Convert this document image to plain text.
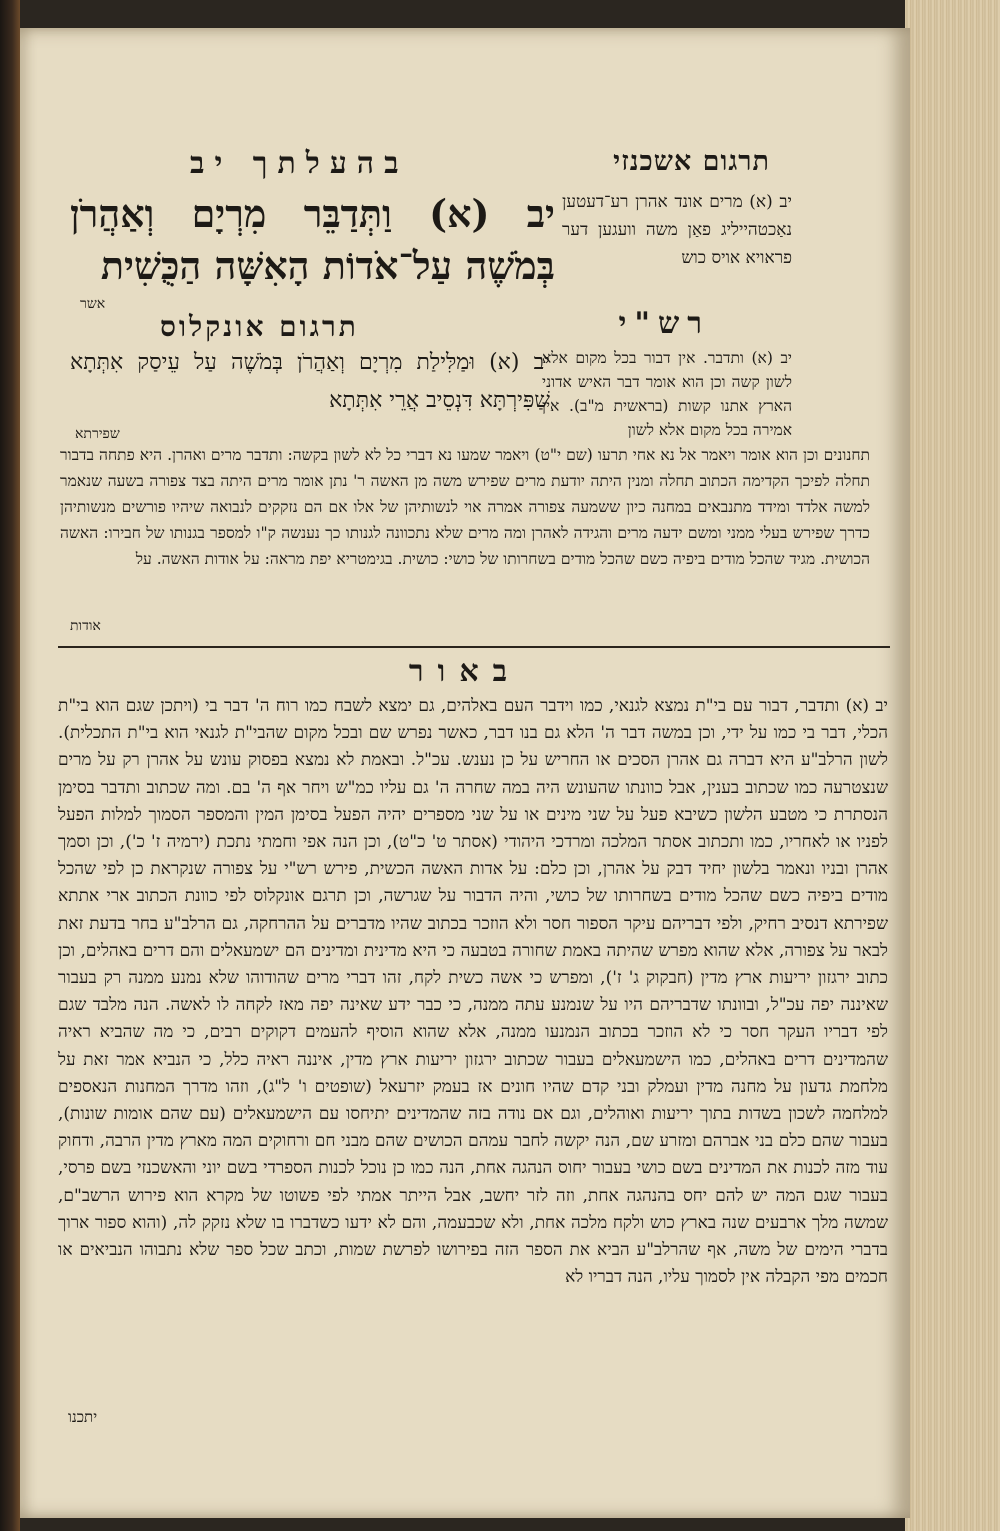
תרגום אשכנזי
בהעלתך יב
יב (א) מרים אונד אהרן רע־דעטען נאַכטהייליג פאַן משה וועגען דער פראויא אויס כוש
יב (א) וַתְּדַבֵּר מִרְיָם וְאַהֲרֹן בְּמֹשֶׁה עַל־אֹדוֹת הָאִשָּׁה הַכֻּשִׁית
אשר
רש"י
תרגום אונקלוס
יב (א) וּמַלִּילַת מִרְיָם וְאַהֲרֹן בְּמֹשֶׁה עַל עֵיסַק אִתְּתָא שַׁפִּירְתָּא דִּנְסֵיב אֲרֵי אִתְּתָא
שפירתא
יב (א) ותדבר. אין דבור בכל מקום אלא לשון קשה וכן הוא אומר דבר האיש אדוני הארץ אתנו קשות (בראשית מ"ב). אין אמירה בכל מקום אלא לשון
תחנונים וכן הוא אומר ויאמר אל נא אחי תרעו (שם י"ט) ויאמר שמעו נא דברי כל לא לשון בקשה: ותדבר מרים ואהרן. היא פתחה בדבור תחלה לפיכך הקדימה הכתוב תחלה ומנין היתה יודעת מרים שפירש משה מן האשה ר' נתן אומר מרים היתה בצד צפורה בשעה שנאמר למשה אלדד ומידד מתנבאים במחנה כיון ששמעה צפורה אמרה אוי לנשותיהן של אלו אם הם נזקקים לנבואה שיהיו פורשים מנשותיהן כדרך שפירש בעלי ממני ומשם ידעה מרים והגידה לאהרן ומה מרים שלא נתכוונה לגנותו כך נענשה ק"ו למספר בגנותו של חבירו: האשה הכושית. מגיד שהכל מודים ביפיה כשם שהכל מודים בשחרותו של כושי: כושית. בגימטריא יפת מראה: על אודות האשה. על
אודות
באור
יב (א) ותדבר, דבור עם בי"ת נמצא לגנאי, כמו וידבר העם באלהים, גם ימצא לשבח כמו רוח ה' דבר בי (ויתכן שגם הוא בי"ת הכלי, דבר בי כמו על ידי, וכן במשה דבר ה' הלא גם בנו דבר, כאשר נפרש שם ובכל מקום שהבי"ת לגנאי הוא בי"ת התכלית). לשון הרלב"ע היא דברה גם אהרן הסכים או החריש על כן נענש. עכ"ל. ובאמת לא נמצא בפסוק עונש על אהרן רק על מרים שנצטרעה כמו שכתוב בענין, אבל כוונתו שהעונש היה במה שחרה ה' גם עליו כמ"ש ויחר אף ה' בם. ומה שכתוב ותדבר בסימן הנסתרת כי מטבע הלשון כשיבא פעל על שני מינים או על שני מספרים יהיה הפעל בסימן המין והמספר הסמוך למלות הפעל לפניו או לאחריו, כמו ותכתוב אסתר המלכה ומרדכי היהודי (אסתר ט' כ"ט), וכן הנה אפי וחמתי נתכת (ירמיה ז' כ'), וכן וסמך אהרן ובניו ונאמר בלשון יחיד דבק על אהרן, וכן כלם: על אדות האשה הכשית, פירש רש"י על צפורה שנקראת כן לפי שהכל מודים ביפיה כשם שהכל מודים בשחרותו של כושי, והיה הדבור על שגרשה, וכן תרגם אונקלוס לפי כוונת הכתוב ארי אתתא שפירתא דנסיב רחיק, ולפי דבריהם עיקר הספור חסר ולא הוזכר בכתוב שהיו מדברים על ההרחקה, גם הרלב"ע בחר בדעת זאת לבאר על צפורה, אלא שהוא מפרש שהיתה באמת שחורה בטבעה כי היא מדינית ומדינים הם ישמעאלים והם דרים באהלים, וכן כתוב ירגזון יריעות ארץ מדין (חבקוק ג' ז'), ומפרש כי אשה כשית לקח, זהו דברי מרים שהודוהו שלא נמנע ממנה רק בעבור שאיננה יפה עכ"ל, ובוונתו שדבריהם היו על שנמנע עתה ממנה, כי כבר ידע שאינה יפה מאז לקחה לו לאשה. הנה מלבד שגם לפי דבריו העקר חסר כי לא הוזכר בכתוב הנמנעו ממנה, אלא שהוא הוסיף להעמים דקוקים רבים, כי מה שהביא ראיה שהמדינים דרים באהלים, כמו הישמעאלים בעבור שכתוב ירגזון יריעות ארץ מדין, איננה ראיה כלל, כי הנביא אמר זאת על מלחמת גדעון על מחנה מדין ועמלק ובני קדם שהיו חונים אז בעמק יזרעאל (שופטים ו' ל"ג), וזהו מדרך המחנות הנאספים למלחמה לשכון בשדות בתוך יריעות ואוהלים, וגם אם נודה בזה שהמדינים יתיחסו עם הישמעאלים (עם שהם אומות שונות), בעבור שהם כלם בני אברהם ומזרע שם, הנה יקשה לחבר עמהם הכושים שהם מבני חם ורחוקים המה מארץ מדין הרבה, ודחוק עוד מזה לכנות את המדינים בשם כושי בעבור יחוס הנהגה אחת, הנה כמו כן נוכל לכנות הספרדי בשם יוני והאשכנזי בשם פרסי, בעבור שגם המה יש להם יחס בהנהגה אחת, וזה לזר יחשב, אבל הייתר אמתי לפי פשוטו של מקרא הוא פירוש הרשב"ם, שמשה מלך ארבעים שנה בארץ כוש ולקח מלכה אחת, ולא שכבעמה, והם לא ידעו כשדברו בו שלא נזקק לה, (והוא ספור ארוך בדברי הימים של משה, אף שהרלב"ע הביא את הספר הזה בפירושו לפרשת שמות, וכתב שכל ספר שלא נתבוהו הנביאים או חכמים מפי הקבלה אין לסמוך עליו, הנה דבריו לא
יתכנו
